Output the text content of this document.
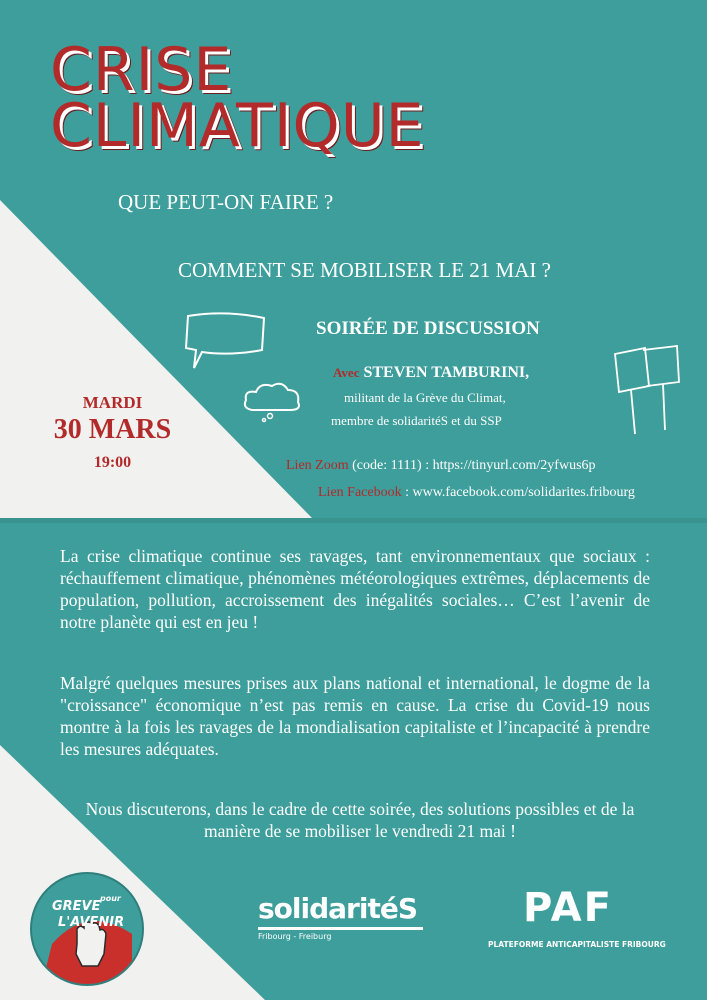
CRISE
CLIMATIQUE
QUE PEUT-ON FAIRE ?
COMMENT SE MOBILISER LE 21 MAI ?
SOIRÉE DE DISCUSSION
Avec STEVEN TAMBURINI,
militant de la Grève du Climat,
membre de solidaritéS et du SSP
MARDI
30 MARS
19:00	Lien Zoom (code: 1111) : https://tinyurl.com/2yfwus6p
Lien Facebook : www.facebook.com/solidarites.fribourg

La crise climatique continue ses ravages, tant environnementaux que sociaux : réchauffement climatique, phénomènes météorologiques extrêmes, déplacements de population, pollution, accroissement des inégalités sociales… C’est l’avenir de notre planète qui est en jeu !

Malgré quelques mesures prises aux plans national et international, le dogme de la "croissance" économique n’est pas remis en cause. La crise du Covid-19 nous montre à la fois les ravages de la mondialisation capitaliste et l’incapacité à prendre les mesures adéquates.

Nous discuterons, dans le cadre de cette soirée, des solutions possibles et de la manière de se mobiliser le vendredi 21 mai !

GREVE
pour
L'AVENIR	solidaritéS
Fribourg - Freiburg
PAF
PLATEFORME ANTICAPITALISTE FRIBOURG
